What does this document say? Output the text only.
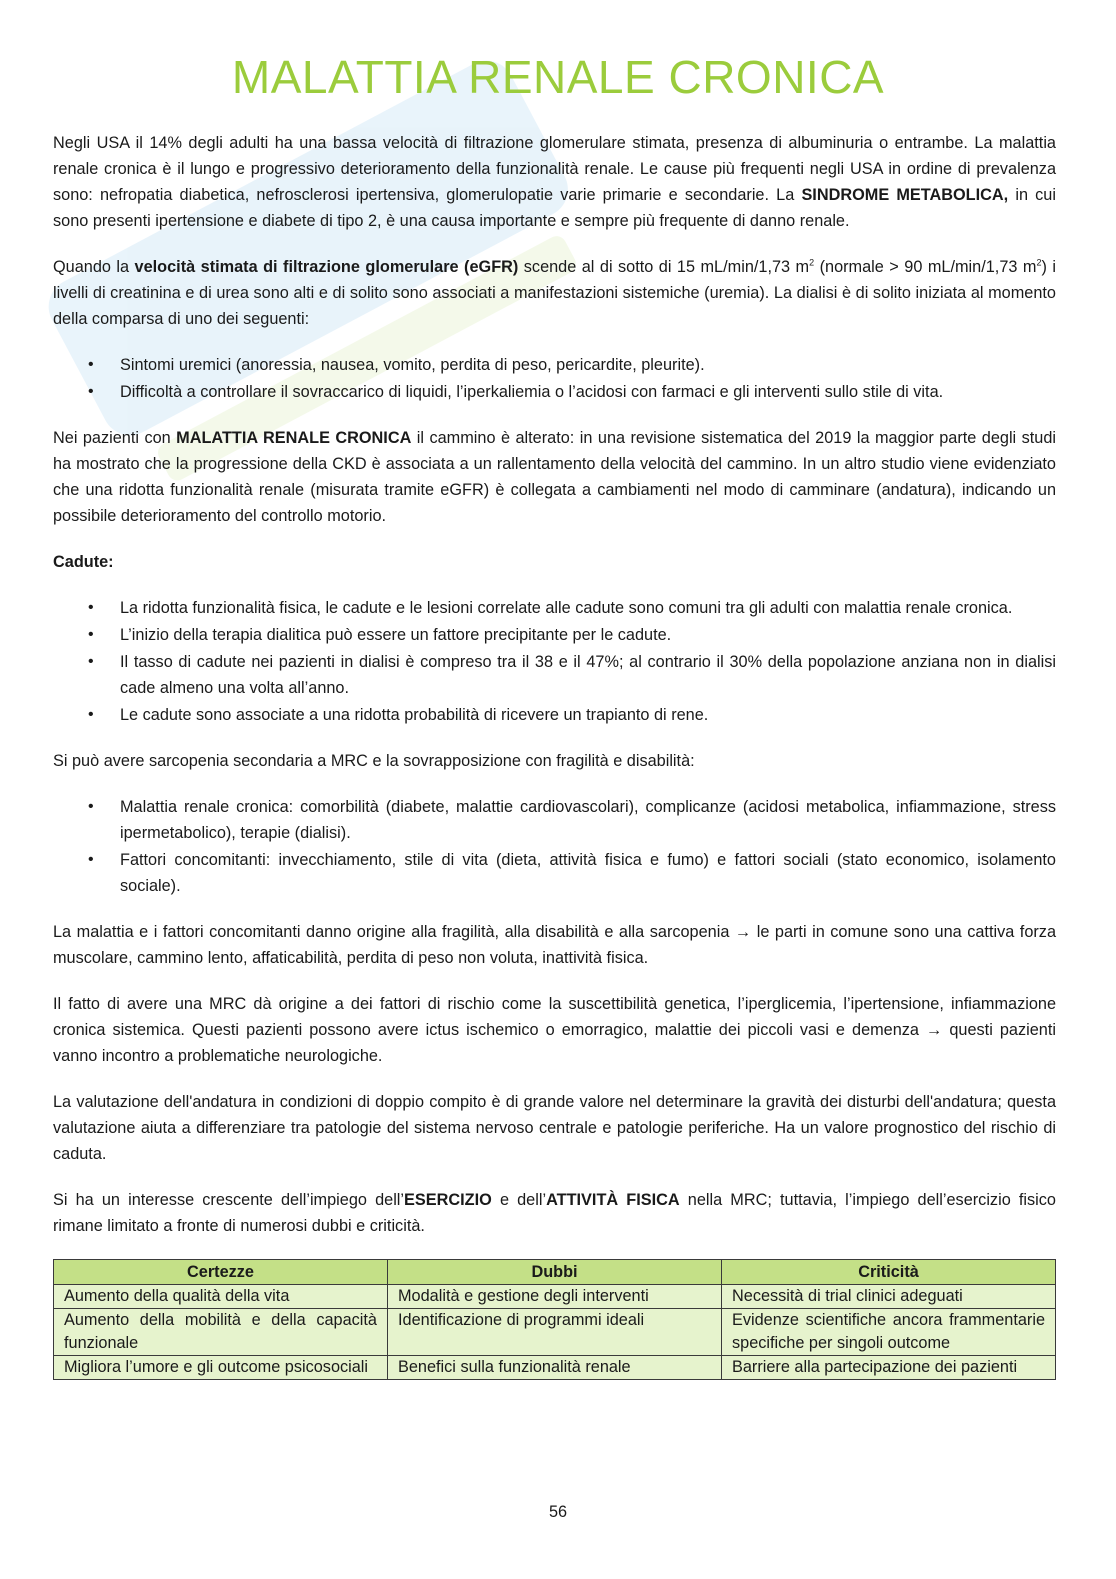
MALATTIA RENALE CRONICA

Negli USA il 14% degli adulti ha una bassa velocità di filtrazione glomerulare stimata, presenza di albuminuria o entrambe. La malattia renale cronica è il lungo e progressivo deterioramento della funzionalità renale. Le cause più frequenti negli USA in ordine di prevalenza sono: nefropatia diabetica, nefrosclerosi ipertensiva, glomerulopatie varie primarie e secondarie. La SINDROME METABOLICA, in cui sono presenti ipertensione e diabete di tipo 2, è una causa importante e sempre più frequente di danno renale.

Quando la velocità stimata di filtrazione glomerulare (eGFR) scende al di sotto di 15 mL/min/1,73 $m^2$ (normale > 90 mL/min/1,73 $m^2$) i livelli di creatinina e di urea sono alti e di solito sono associati a manifestazioni sistemiche (uremia). La dialisi è di solito iniziata al momento della comparsa di uno dei seguenti:

• Sintomi uremici (anoressia, nausea, vomito, perdita di peso, pericardite, pleurite).
• Difficoltà a controllare il sovraccarico di liquidi, l’iperkaliemia o l’acidosi con farmaci e gli interventi sullo stile di vita.

Nei pazienti con MALATTIA RENALE CRONICA il cammino è alterato: in una revisione sistematica del 2019 la maggior parte degli studi ha mostrato che la progressione della CKD è associata a un rallentamento della velocità del cammino. In un altro studio viene evidenziato che una ridotta funzionalità renale (misurata tramite eGFR) è collegata a cambiamenti nel modo di camminare (andatura), indicando un possibile deterioramento del controllo motorio.

Cadute:

• La ridotta funzionalità fisica, le cadute e le lesioni correlate alle cadute sono comuni tra gli adulti con malattia renale cronica.
• L’inizio della terapia dialitica può essere un fattore precipitante per le cadute.
• Il tasso di cadute nei pazienti in dialisi è compreso tra il 38 e il 47%; al contrario il 30% della popolazione anziana non in dialisi cade almeno una volta all’anno.
• Le cadute sono associate a una ridotta probabilità di ricevere un trapianto di rene.

Si può avere sarcopenia secondaria a MRC e la sovrapposizione con fragilità e disabilità:

• Malattia renale cronica: comorbilità (diabete, malattie cardiovascolari), complicanze (acidosi metabolica, infiammazione, stress ipermetabolico), terapie (dialisi).
• Fattori concomitanti: invecchiamento, stile di vita (dieta, attività fisica e fumo) e fattori sociali (stato economico, isolamento sociale).

La malattia e i fattori concomitanti danno origine alla fragilità, alla disabilità e alla sarcopenia → le parti in comune sono una cattiva forza muscolare, cammino lento, affaticabilità, perdita di peso non voluta, inattività fisica.

Il fatto di avere una MRC dà origine a dei fattori di rischio come la suscettibilità genetica, l’iperglicemia, l’ipertensione, infiammazione cronica sistemica. Questi pazienti possono avere ictus ischemico o emorragico, malattie dei piccoli vasi e demenza → questi pazienti vanno incontro a problematiche neurologiche.

La valutazione dell'andatura in condizioni di doppio compito è di grande valore nel determinare la gravità dei disturbi dell'andatura; questa valutazione aiuta a differenziare tra patologie del sistema nervoso centrale e patologie periferiche. Ha un valore prognostico del rischio di caduta.

Si ha un interesse crescente dell’impiego dell’ESERCIZIO e dell’ATTIVITÀ FISICA nella MRC; tuttavia, l’impiego dell’esercizio fisico rimane limitato a fronte di numerosi dubbi e criticità.

Certezze	Dubbi	Criticità
Aumento della qualità della vita	Modalità e gestione degli interventi	Necessità di trial clinici adeguati
Aumento della mobilità e della capacità funzionale	Identificazione di programmi ideali	Evidenze scientifiche ancora frammentarie specifiche per singoli outcome
Migliora l’umore e gli outcome psicosociali	Benefici sulla funzionalità renale	Barriere alla partecipazione dei pazienti
56
